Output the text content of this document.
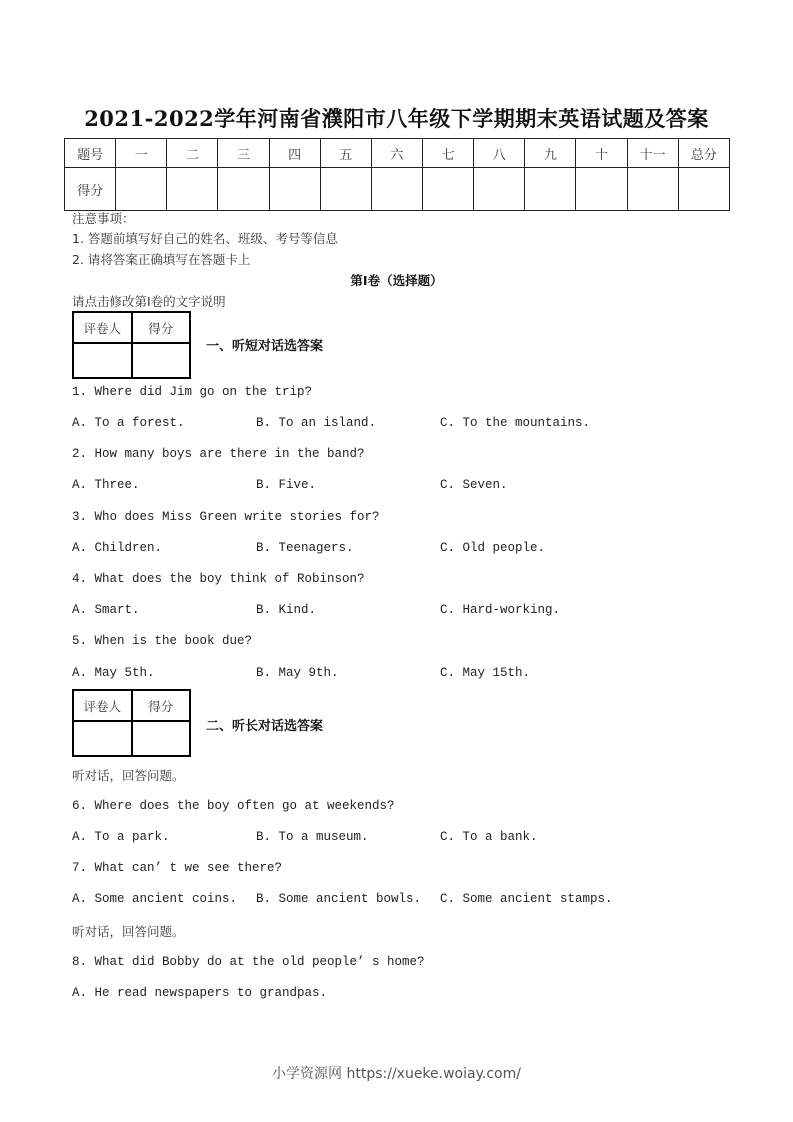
2021-2022学年河南省濮阳市八年级下学期期末英语试题及答案
题号	一	二	三	四	五	六	七	八	九	十	十一	总分
得分												
注意事项：
1. 答题前填写好自己的姓名、班级、考号等信息
2. 请将答案正确填写在答题卡上
第I卷（选择题）
请点击修改第I卷的文字说明
评卷人	得分

一、听短对话选答案
1. Where did Jim go on the trip?
A. To a forest.	B. To an island.	C. To the mountains.
2. How many boys are there in the band?
A. Three.	B. Five.	C. Seven.
3. Who does Miss Green write stories for?
A. Children.	B. Teenagers.	C. Old people.
4. What does the boy think of Robinson?
A. Smart.	B. Kind.	C. Hard-working.
5. When is the book due?
A. May 5th.	B. May 9th.	C. May 15th.
评卷人	得分

二、听长对话选答案
听对话，回答问题。
6. Where does the boy often go at weekends?
A. To a park.	B. To a museum.	C. To a bank.
7. What can’ t we see there?
A. Some ancient coins. B. Some ancient bowls. C. Some ancient stamps.
听对话，回答问题。
8. What did Bobby do at the old people’ s home?
A. He read newspapers to grandpas.
小学资源网 https://xueke.woiay.com/
